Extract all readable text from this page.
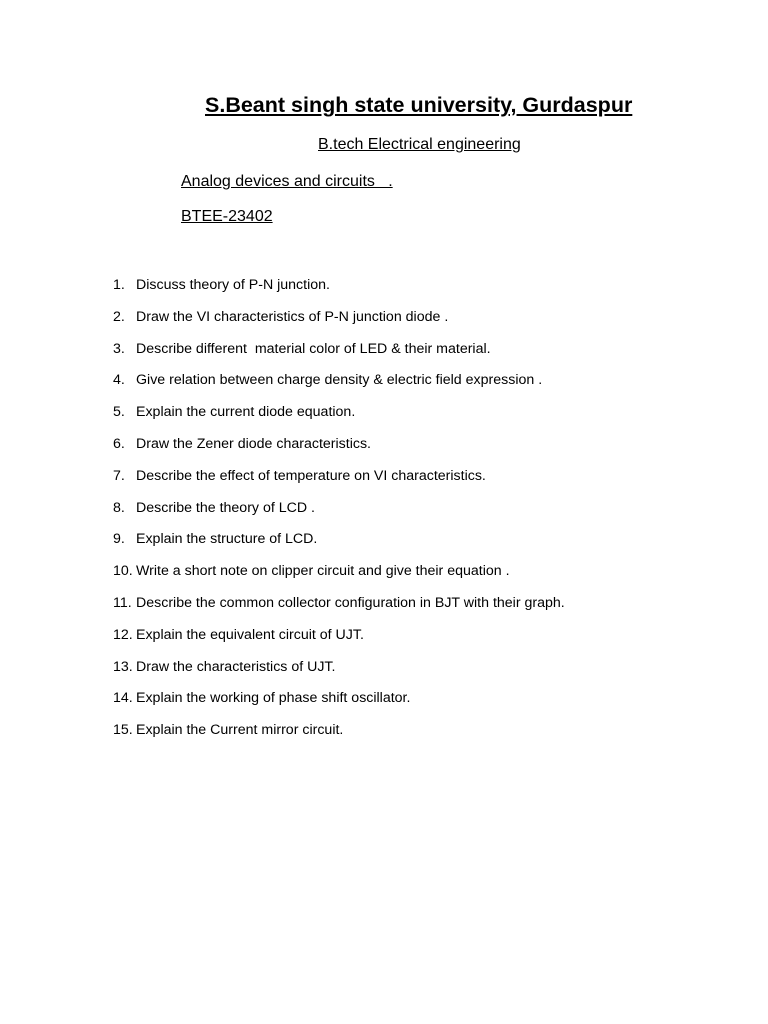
S.Beant singh state university, Gurdaspur
B.tech Electrical engineering
Analog devices and circuits   .
BTEE-23402
1. Discuss theory of P-N junction.
2. Draw the VI characteristics of P-N junction diode .
3. Describe different  material color of LED & their material.
4. Give relation between charge density & electric field expression .
5. Explain the current diode equation.
6. Draw the Zener diode characteristics.
7. Describe the effect of temperature on VI characteristics.
8. Describe the theory of LCD .
9. Explain the structure of LCD.
10. Write a short note on clipper circuit and give their equation .
11. Describe the common collector configuration in BJT with their graph.
12. Explain the equivalent circuit of UJT.
13. Draw the characteristics of UJT.
14. Explain the working of phase shift oscillator.
15. Explain the Current mirror circuit.
